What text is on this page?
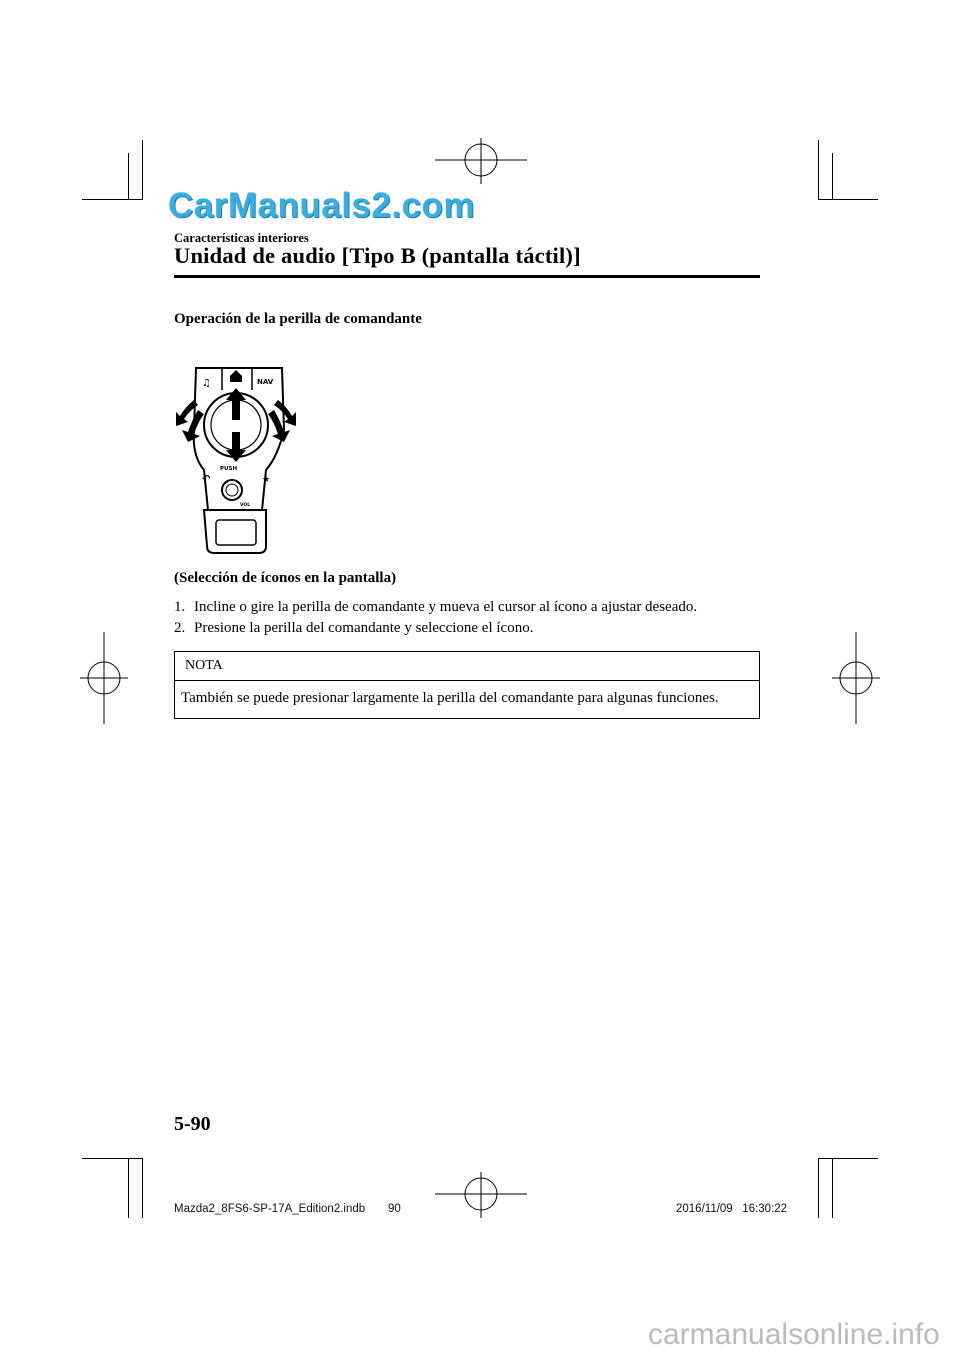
CarManuals2.com
Características interiores
Unidad de audio [Tipo B (pantalla táctil)]
Operación de la perilla de comandante
♫	NAV
PUSH
↶	★
VOL
(Selección de íconos en la pantalla)
1. Incline o gire la perilla de comandante y mueva el cursor al ícono a ajustar deseado.
2. Presione la perilla del comandante y seleccione el ícono.
NOTA
También se puede presionar largamente la perilla del comandante para algunas funciones.
5-90
Mazda2_8FS6-SP-17A_Edition2.indb 90	2016/11/09   16:30:22
carmanualsonline.info
